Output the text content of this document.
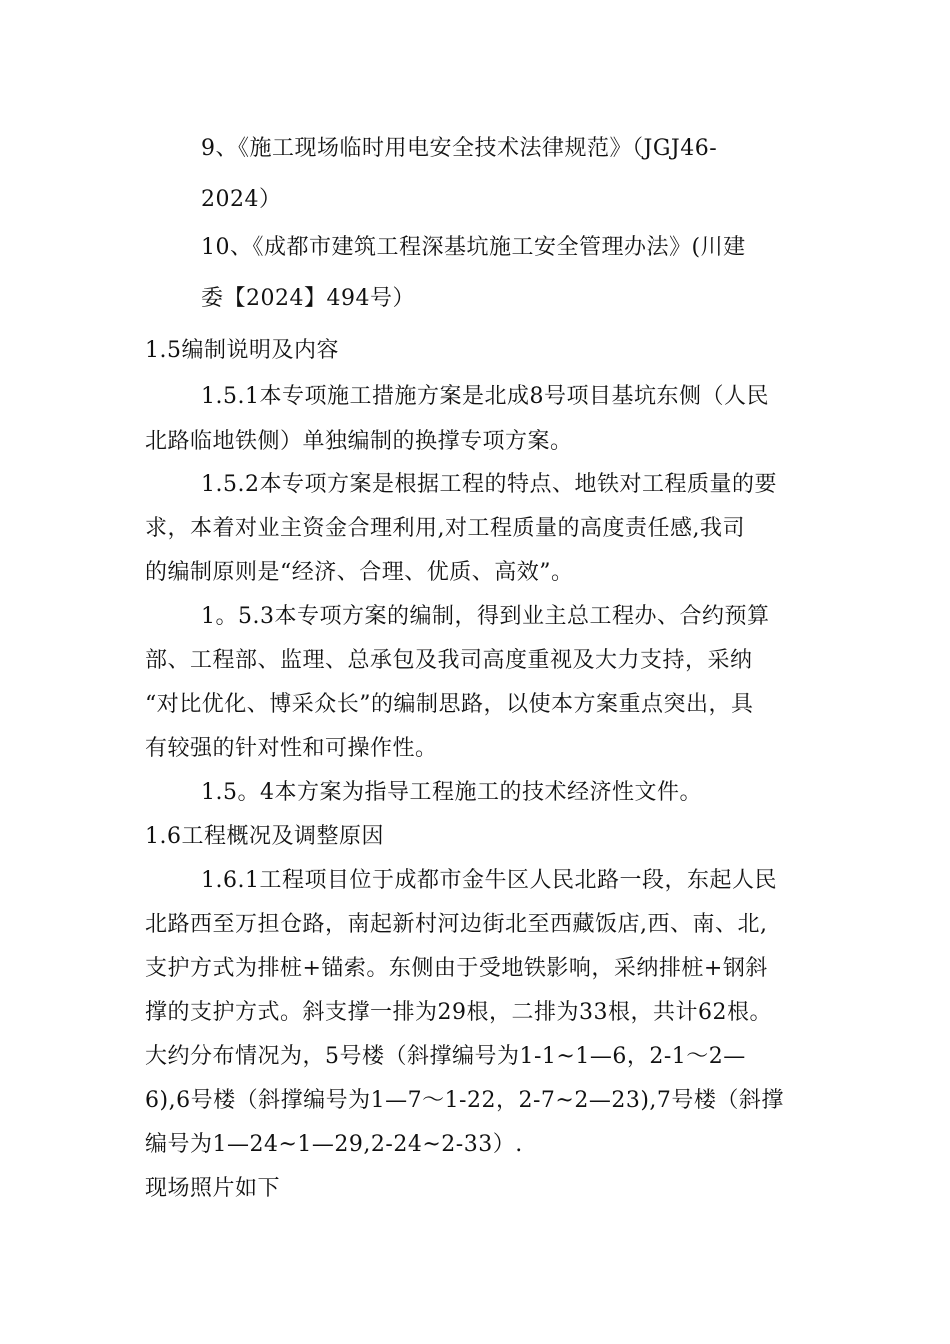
9、《施工现场临时用电安全技术法律规范》（JGJ46-
2024）
10、《成都市建筑工程深基坑施工安全管理办法》(川建
委【2024】494号）
1.5编制说明及内容
1.5.1本专项施工措施方案是北成8号项目基坑东侧（人民
北路临地铁侧）单独编制的换撑专项方案。
1.5.2本专项方案是根据工程的特点、地铁对工程质量的要
求，本着对业主资金合理利用,对工程质量的高度责任感,我司
的编制原则是“经济、合理、优质、高效”。
1。5.3本专项方案的编制，得到业主总工程办、合约预算
部、工程部、监理、总承包及我司高度重视及大力支持，采纳
“对比优化、博采众长”的编制思路，以使本方案重点突出，具
有较强的针对性和可操作性。
1.5。4本方案为指导工程施工的技术经济性文件。
1.6工程概况及调整原因
1.6.1工程项目位于成都市金牛区人民北路一段，东起人民
北路西至万担仓路，南起新村河边街北至西藏饭店,西、南、北,
支护方式为排桩+锚索。东侧由于受地铁影响，采纳排桩+钢斜
撑的支护方式。斜支撑一排为29根，二排为33根，共计62根。
大约分布情况为，5号楼（斜撑编号为1-1~1—6，2-1～2—
6),6号楼（斜撑编号为1—7～1-22，2-7~2—23),7号楼（斜撑
编号为1—24~1—29,2-24~2-33）.
现场照片如下
